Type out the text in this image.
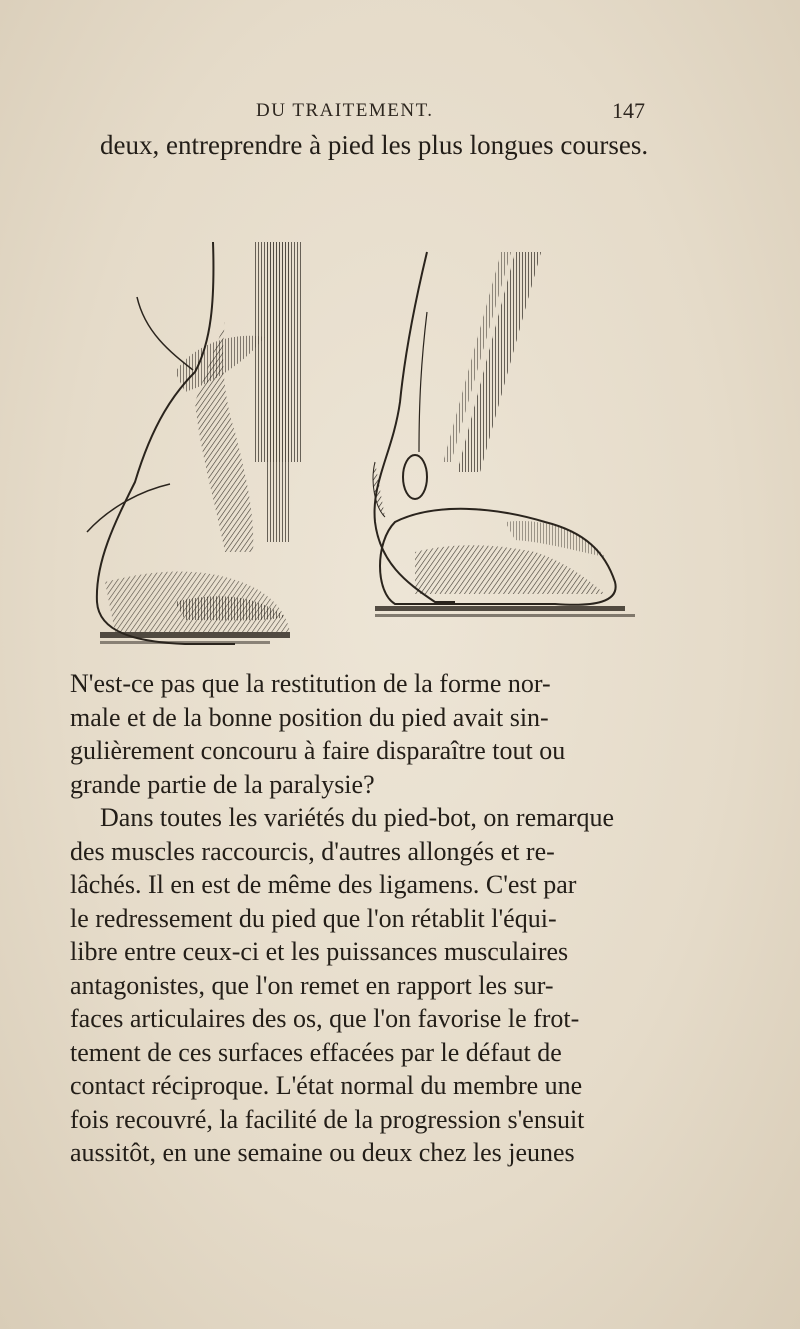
DU TRAITEMENT.	147
deux, entreprendre à pied les plus longues courses.
N'est-ce pas que la restitution de la forme nor-
male et de la bonne position du pied avait sin-
gulièrement concouru à faire disparaître tout ou
grande partie de la paralysie?
Dans toutes les variétés du pied-bot, on remarque
des muscles raccourcis, d'autres allongés et re-
lâchés. Il en est de même des ligamens. C'est par
le redressement du pied que l'on rétablit l'équi-
libre entre ceux-ci et les puissances musculaires
antagonistes, que l'on remet en rapport les sur-
faces articulaires des os, que l'on favorise le frot-
tement de ces surfaces effacées par le défaut de
contact réciproque. L'état normal du membre une
fois recouvré, la facilité de la progression s'ensuit
aussitôt, en une semaine ou deux chez les jeunes
